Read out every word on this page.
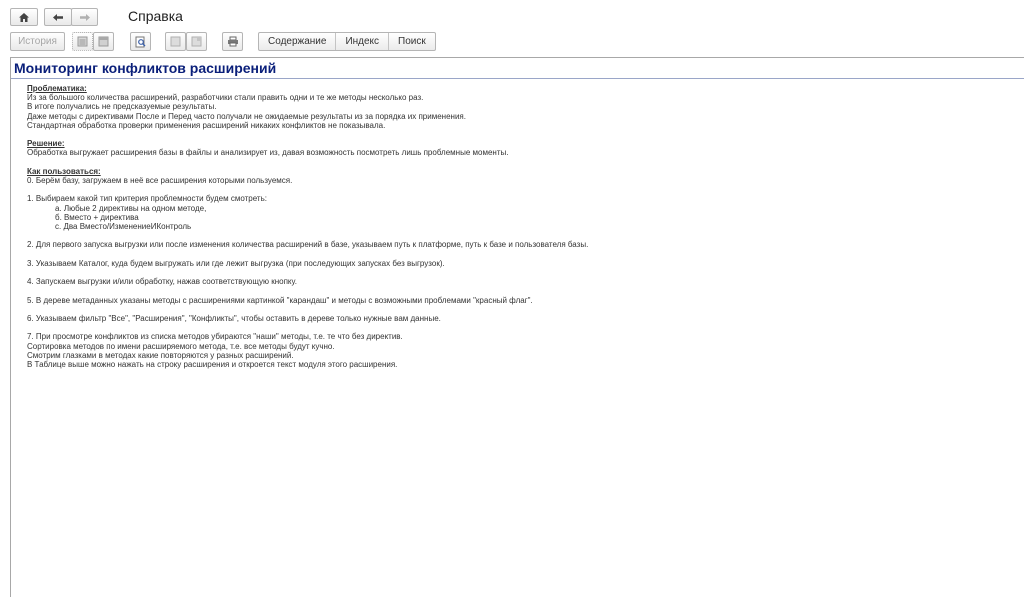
Справка
История	Содержание	Индекс	Поиск
Мониторинг конфликтов расширений

Проблематика:

Из за большого количества расширений, разработчики стали править одни и те же методы несколько раз.

В итоге получались не предсказуемые результаты.

Даже методы с директивами После и Перед часто получали не ожидаемые результаты из за порядка их применения.

Стандартная обработка проверки применения расширений никаких конфликтов не показывала.

Решение:

Обработка выгружает расширения базы в файлы и анализирует из, давая возможность посмотреть лишь проблемные моменты.

Как пользоваться:

0. Берём базу, загружаем в неё все расширения которыми пользуемся.

1. Выбираем какой тип критерия проблемности будем смотреть:

а. Любые 2 директивы на одном методе,

б. Вместо + директива

с. Два Вместо/ИзменениеИКонтроль

2. Для первого запуска выгрузки или после изменения количества расширений в базе, указываем путь к платформе, путь к базе и пользователя базы.

3. Указываем Каталог, куда будем выгружать или где лежит выгрузка (при последующих запусках без выгрузок).

4. Запускаем выгрузки и/или обработку, нажав соответствующую кнопку.

5. В дереве метаданных указаны методы с расширениями картинкой "карандаш" и методы с возможными проблемами "красный флаг".

6. Указываем фильтр "Все", "Расширения", "Конфликты", чтобы оставить в дереве только нужные вам данные.

7. При просмотре конфликтов из списка методов убираются "наши" методы, т.е. те что без директив.

Сортировка методов по имени расширяемого метода, т.е. все методы будут кучно.

Смотрим глазками в методах какие повторяются у разных расширений.

В Таблице выше можно нажать на строку расширения и откроется текст модуля этого расширения.
